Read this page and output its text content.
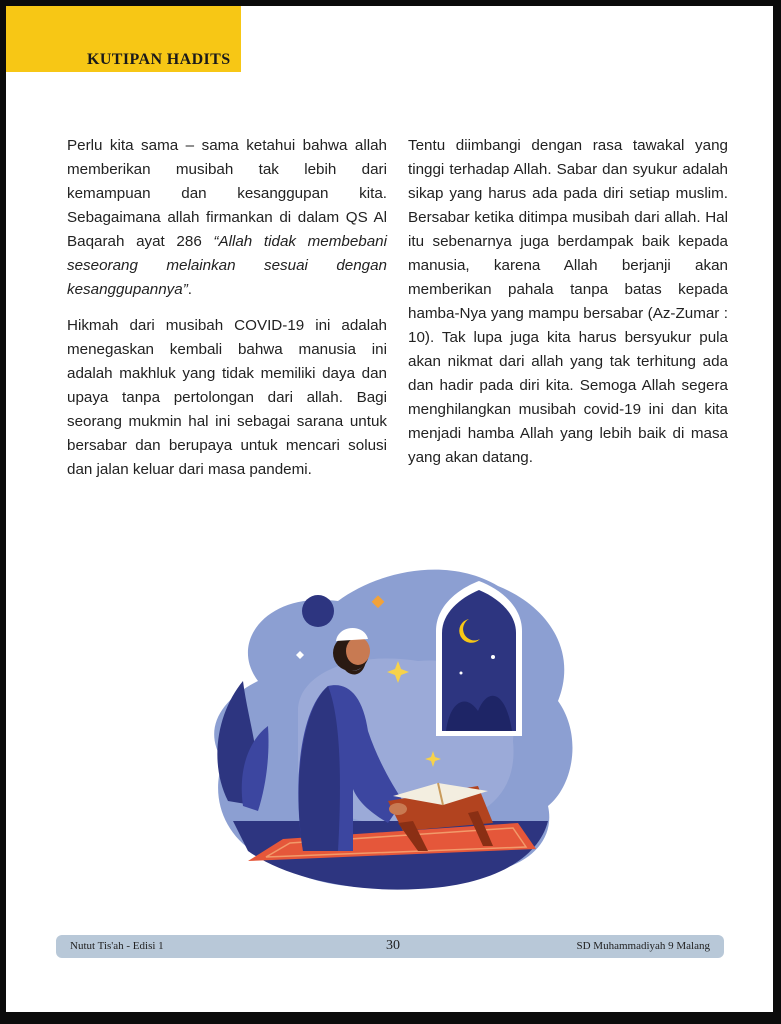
KUTIPAN HADITS

Perlu kita sama – sama ketahui bahwa allah memberikan musibah tak lebih dari kemampuan dan kesanggupan kita. Sebagaimana allah firmankan di dalam QS Al Baqarah ayat 286 “Allah tidak membebani seseorang melainkan sesuai dengan kesanggupannya”.

Hikmah dari musibah COVID-19 ini adalah menegaskan kembali bahwa manusia ini adalah makhluk yang tidak memiliki daya dan upaya tanpa pertolongan dari allah. Bagi seorang mukmin hal ini sebagai sarana untuk bersabar dan berupaya untuk mencari solusi dan jalan keluar dari masa pandemi.

Tentu diimbangi dengan rasa tawakal yang tinggi terhadap Allah. Sabar dan syukur adalah sikap yang harus ada pada diri setiap muslim. Bersabar ketika ditimpa musibah dari allah. Hal itu sebenarnya juga berdampak baik kepada manusia, karena Allah berjanji akan memberikan pahala tanpa batas kepada hamba-Nya yang mampu bersabar (Az-Zumar : 10). Tak lupa juga kita harus bersyukur pula akan nikmat dari allah yang tak terhitung ada dan hadir pada diri kita. Semoga Allah segera menghilangkan musibah covid-19 ini dan kita menjadi hamba Allah yang lebih baik di masa yang akan datang.

Nutut Tis'ah - Edisi 1	30	SD Muhammadiyah 9 Malang
